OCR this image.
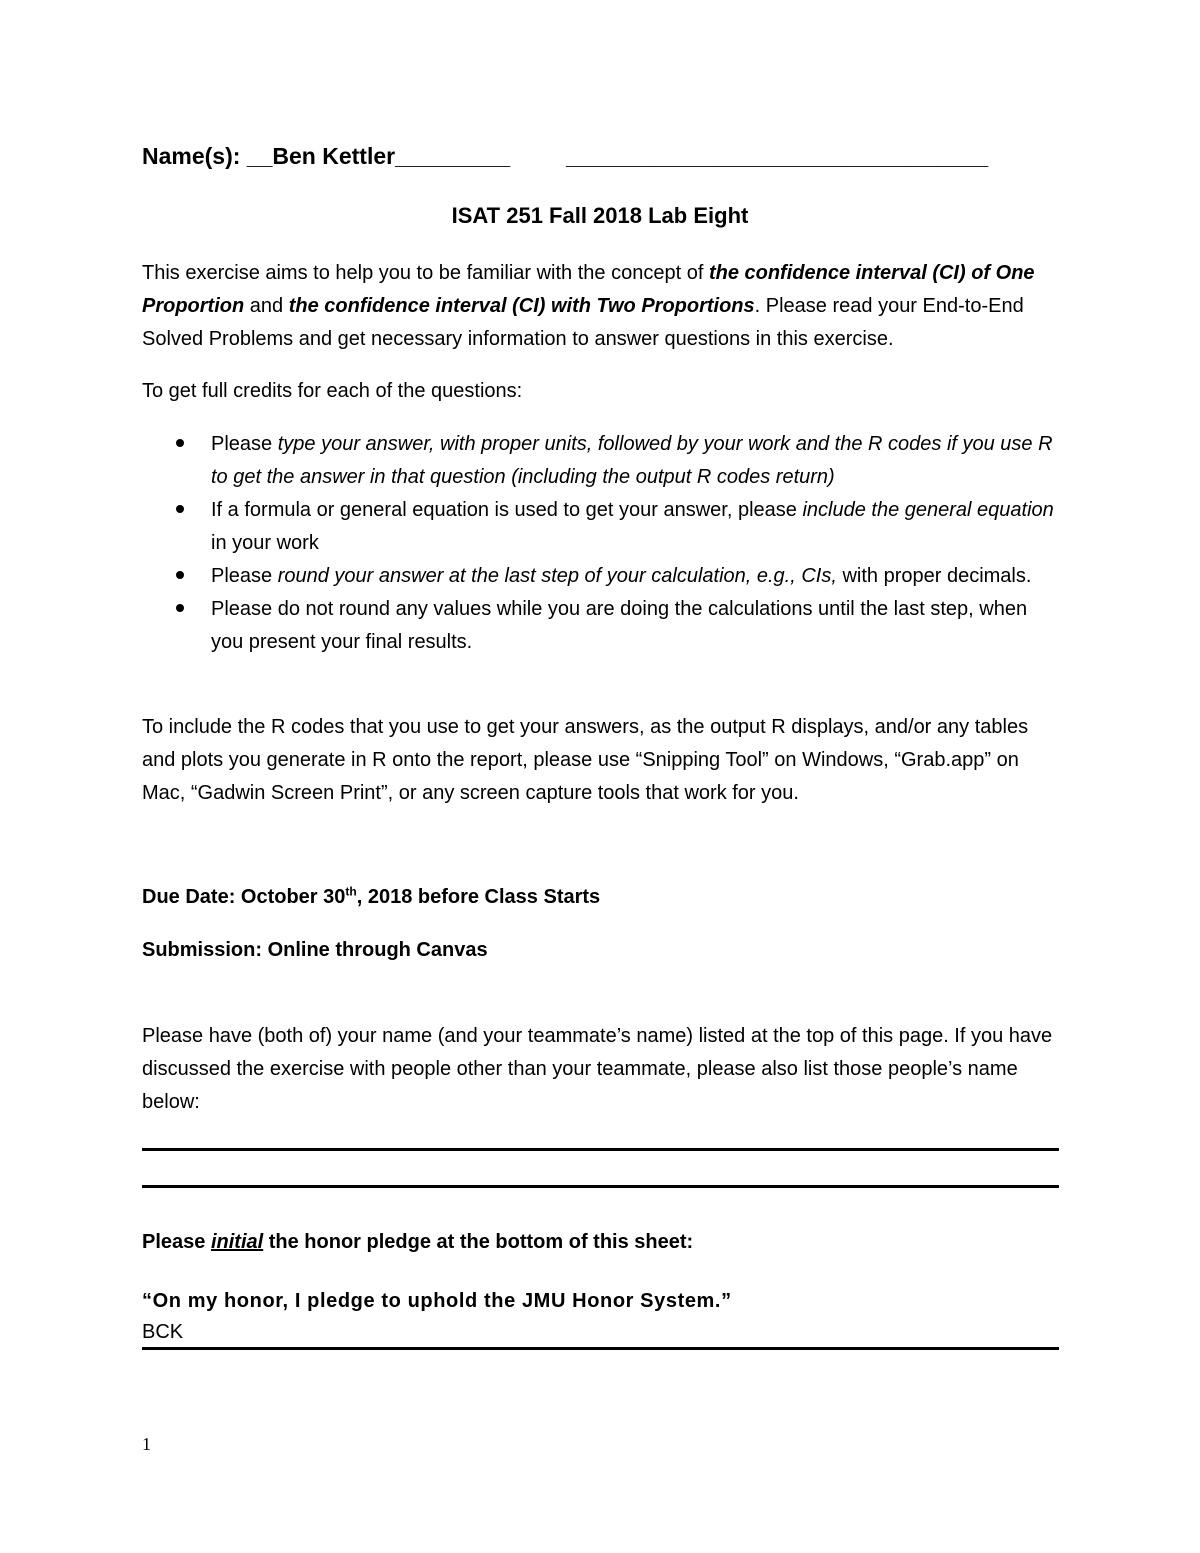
Name(s): __Ben Kettler_________ _________________________________
ISAT 251 Fall 2018 Lab Eight
This exercise aims to help you to be familiar with the concept of the confidence interval (CI) of One Proportion and the confidence interval (CI) with Two Proportions. Please read your End-to-End Solved Problems and get necessary information to answer questions in this exercise.
To get full credits for each of the questions:
Please type your answer, with proper units, followed by your work and the R codes if you use R to get the answer in that question (including the output R codes return)
If a formula or general equation is used to get your answer, please include the general equation in your work
Please round your answer at the last step of your calculation, e.g., CIs, with proper decimals.
Please do not round any values while you are doing the calculations until the last step, when you present your final results.
To include the R codes that you use to get your answers, as the output R displays, and/or any tables and plots you generate in R onto the report, please use “Snipping Tool” on Windows, “Grab.app” on Mac, “Gadwin Screen Print”, or any screen capture tools that work for you.
Due Date: October 30th, 2018 before Class Starts
Submission: Online through Canvas
Please have (both of) your name (and your teammate’s name) listed at the top of this page. If you have discussed the exercise with people other than your teammate, please also list those people’s name below:
Please initial the honor pledge at the bottom of this sheet:
“On my honor, I pledge to uphold the JMU Honor System.”
BCK
1
